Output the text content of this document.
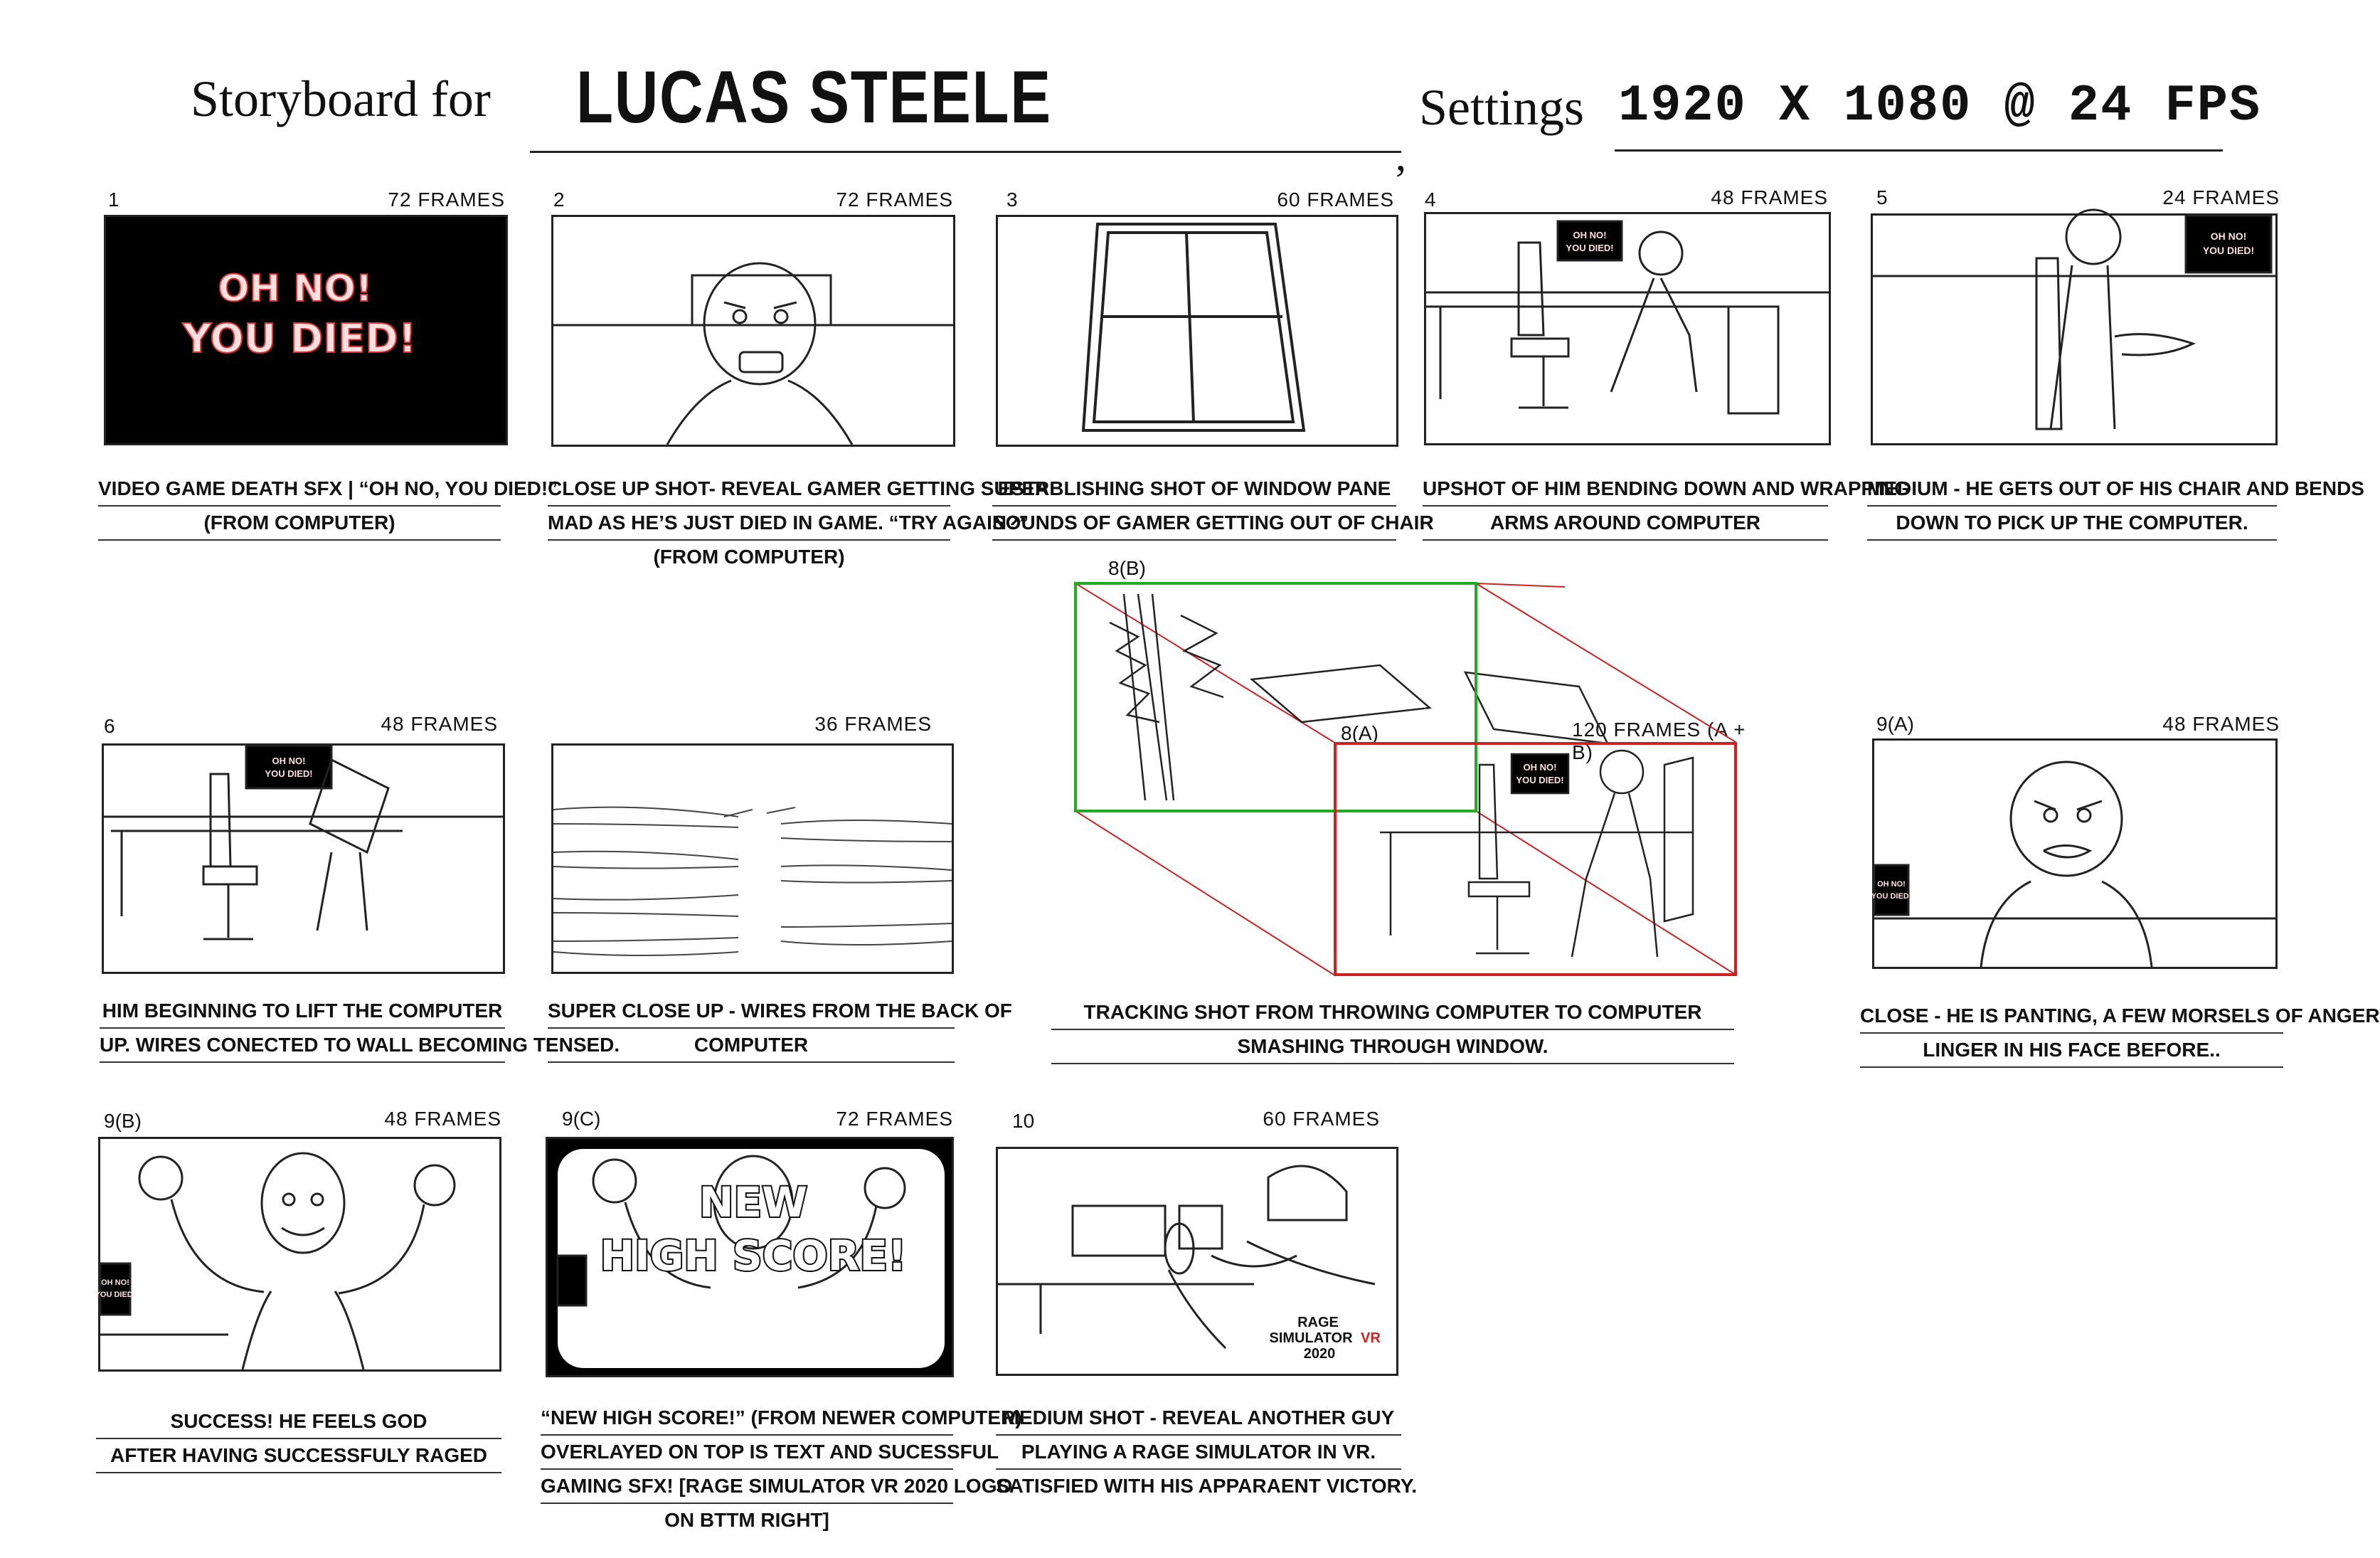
Storyboard for LUCAS STEELE
,
Settings 1920 X 1080 @ 24 FPS
1	72 FRAMES
OH NO!
YOU DIED!
VIDEO GAME DEATH SFX | “OH NO, YOU DIED!”
(FROM COMPUTER)
2	72 FRAMES
CLOSE UP SHOT- REVEAL GAMER GETTING SUPER
MAD AS HE’S JUST DIED IN GAME. “TRY AGAIN?”
(FROM COMPUTER)
3	60 FRAMES
ESTABLISHING SHOT OF WINDOW PANE
SOUNDS OF GAMER GETTING OUT OF CHAIR
4	48 FRAMES
OH NO!
YOU DIED!
UPSHOT OF HIM BENDING DOWN AND WRAPPING
ARMS AROUND COMPUTER
5	24 FRAMES
OH NO!
YOU DIED!
MEDIUM - HE GETS OUT OF HIS CHAIR AND BENDS
DOWN TO PICK UP THE COMPUTER.
6	48 FRAMES
OH NO!
YOU DIED!
HIM BEGINNING TO LIFT THE COMPUTER
UP. WIRES CONECTED TO WALL BECOMING TENSED.
36 FRAMES
SUPER CLOSE UP - WIRES FROM THE BACK OF
COMPUTER
8(B)
8(A)	120 FRAMES (A + B)
OH NO!
YOU DIED!
TRACKING SHOT FROM THROWING COMPUTER TO COMPUTER
SMASHING THROUGH WINDOW.
9(A)	48 FRAMES
OH NO!
YOU DIED!
CLOSE - HE IS PANTING, A FEW MORSELS OF ANGER
LINGER IN HIS FACE BEFORE..
9(B)	48 FRAMES
OH NO!
YOU DIED!
SUCCESS! HE FEELS GOD
AFTER HAVING SUCCESSFULY RAGED
9(C)	72 FRAMES
NEW
HIGH SCORE!
“NEW HIGH SCORE!” (FROM NEWER COMPUTER)
OVERLAYED ON TOP IS TEXT AND SUCESSFUL
GAMING SFX! [RAGE SIMULATOR VR 2020 LOGO
ON BTTM RIGHT]
10	60 FRAMES
RAGE
SIMULATOR VR
2020
MEDIUM SHOT - REVEAL ANOTHER GUY
PLAYING A RAGE SIMULATOR IN VR.
SATISFIED WITH HIS APPARAENT VICTORY.
